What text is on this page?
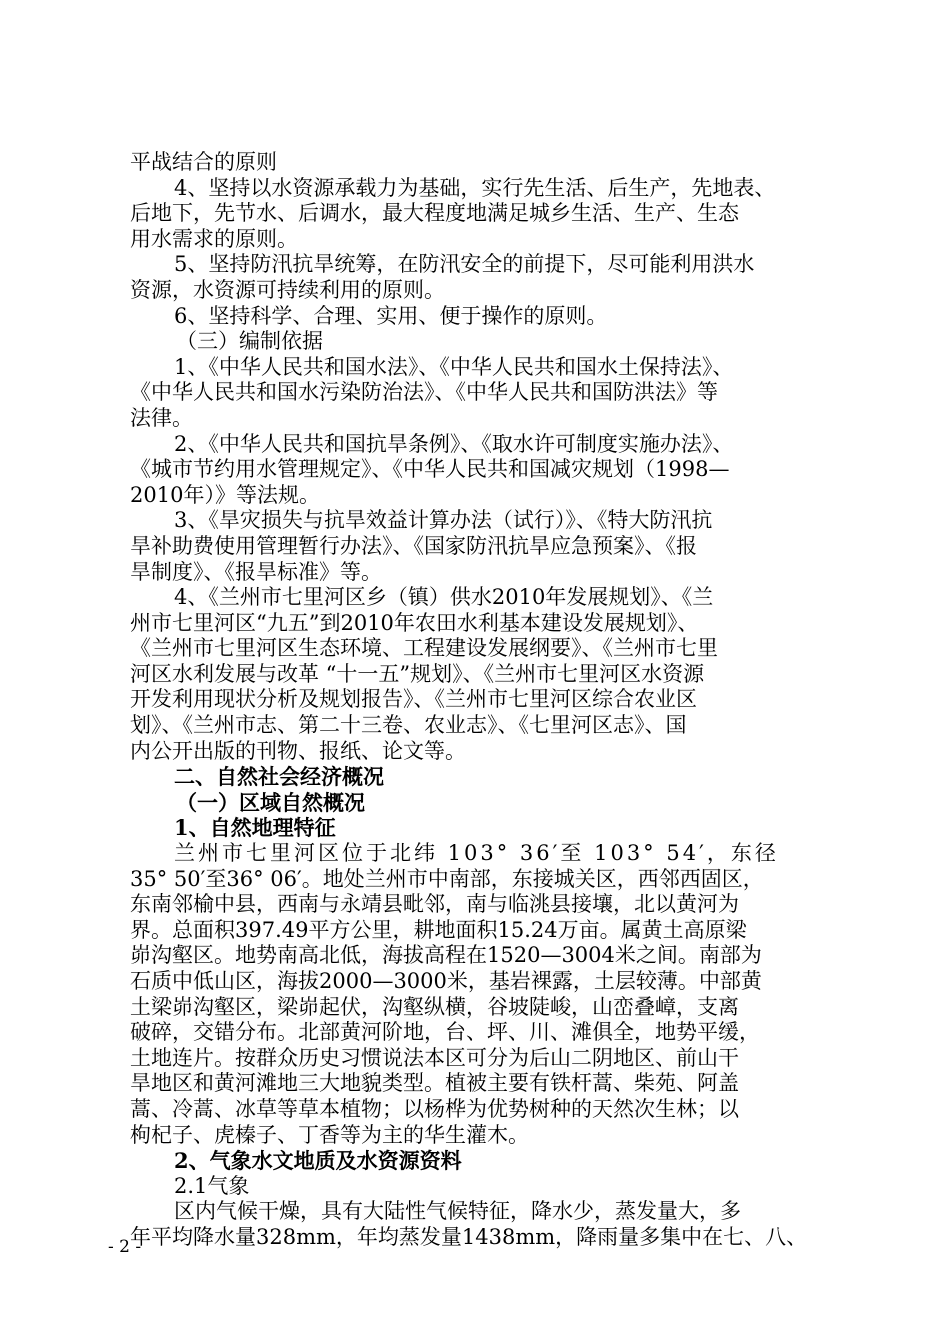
平战结合的原则
4、坚持以水资源承载力为基础，实行先生活、后生产，先地表、
后地下，先节水、后调水，最大程度地满足城乡生活、生产、生态
用水需求的原则。
5、坚持防汛抗旱统筹，在防汛安全的前提下，尽可能利用洪水
资源，水资源可持续利用的原则。
6、坚持科学、合理、实用、便于操作的原则。
（三）编制依据
1、《中华人民共和国水法》、《中华人民共和国水土保持法》、
《中华人民共和国水污染防治法》、《中华人民共和国防洪法》等
法律。
2、《中华人民共和国抗旱条例》、《取水许可制度实施办法》、
《城市节约用水管理规定》、《中华人民共和国减灾规划（1998—
2010年）》等法规。
3、《旱灾损失与抗旱效益计算办法（试行）》、《特大防汛抗
旱补助费使用管理暂行办法》、《国家防汛抗旱应急预案》、《报
旱制度》、《报旱标准》等。
4、《兰州市七里河区乡（镇）供水2010年发展规划》、《兰
州市七里河区“九五”到2010年农田水利基本建设发展规划》、
《兰州市七里河区生态环境、工程建设发展纲要》、《兰州市七里
河区水利发展与改革 “十一五”规划》、《兰州市七里河区水资源
开发利用现状分析及规划报告》、《兰州市七里河区综合农业区
划》、《兰州市志、第二十三卷、农业志》、《七里河区志》、国
内公开出版的刊物、报纸、论文等。
二、自然社会经济概况
（一）区域自然概况
1、自然地理特征
兰州市七里河区位于北纬 103° 36′至 103° 54′，东径
35° 50′至36° 06′。地处兰州市中南部，东接城关区，西邻西固区，
东南邻榆中县，西南与永靖县毗邻，南与临洮县接壤，北以黄河为
界。总面积397.49平方公里，耕地面积15.24万亩。属黄土高原梁
峁沟壑区。地势南高北低，海拔高程在1520—3004米之间。南部为
石质中低山区，海拔2000—3000米，基岩裸露，土层较薄。中部黄
土梁峁沟壑区，梁峁起伏，沟壑纵横，谷坡陡峻，山峦叠嶂，支离
破碎，交错分布。北部黄河阶地，台、坪、川、滩俱全，地势平缓，
土地连片。按群众历史习惯说法本区可分为后山二阴地区、前山干
旱地区和黄河滩地三大地貌类型。植被主要有铁杆蒿、柴苑、阿盖
蒿、冷蒿、冰草等草本植物；以杨桦为优势树种的天然次生林；以
枸杞子、虎榛子、丁香等为主的华生灌木。
2、气象水文地质及水资源资料
2.1气象
区内气候干燥，具有大陆性气候特征，降水少，蒸发量大，多
年平均降水量328mm，年均蒸发量1438mm，降雨量多集中在七、八、
- 2 -
